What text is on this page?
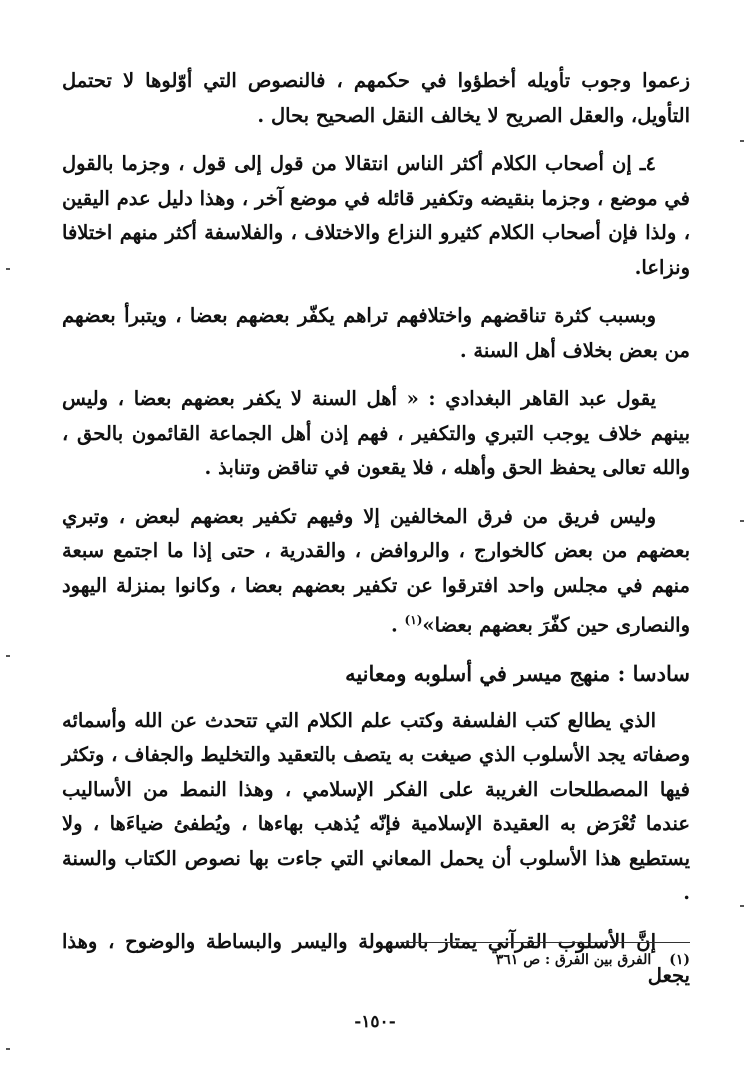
زعموا وجوب تأويله أخطؤوا في حكمهم ، فالنصوص التي أوّلوها لا تحتمل التأويل، والعقل الصريح لا يخالف النقل الصحيح بحال .

٤ـ إن أصحاب الكلام أكثر الناس انتقالا من قول إلى قول ، وجزما بالقول في موضع ، وجزما بنقيضه وتكفير قائله في موضع آخر ، وهذا دليل عدم اليقين ، ولذا فإن أصحاب الكلام كثيرو النزاع والاختلاف ، والفلاسفة أكثر منهم اختلافا ونزاعا.

وبسبب كثرة تناقضهم واختلافهم تراهم يكفّر بعضهم بعضا ، ويتبرأ بعضهم من بعض بخلاف أهل السنة .

يقول عبد القاهر البغدادي : « أهل السنة لا يكفر بعضهم بعضا ، وليس بينهم خلاف يوجب التبري والتكفير ، فهم إذن أهل الجماعة القائمون بالحق ، والله تعالى يحفظ الحق وأهله ، فلا يقعون في تناقض وتنابذ .

وليس فريق من فرق المخالفين إلا وفيهم تكفير بعضهم لبعض ، وتبري بعضهم من بعض كالخوارج ، والروافض ، والقدرية ، حتى إذا ما اجتمع سبعة منهم في مجلس واحد افترقوا عن تكفير بعضهم بعضا ، وكانوا بمنزلة اليهود والنصارى حين كفّرَ بعضهم بعضا»$^{(١)}$ .

سادسا : منهج ميسر في أسلوبه ومعانيه

الذي يطالع كتب الفلسفة وكتب علم الكلام التي تتحدث عن الله وأسمائه وصفاته يجد الأسلوب الذي صيغت به يتصف بالتعقيد والتخليط والجفاف ، وتكثر فيها المصطلحات الغريبة على الفكر الإسلامي ، وهذا النمط من الأساليب عندما تُعْرَض به العقيدة الإسلامية فإنّه يُذهب بهاءها ، ويُطفئ ضياءَها ، ولا يستطيع هذا الأسلوب أن يحمل المعاني التي جاءت بها نصوص الكتاب والسنة .

إنَّ الأسلوب القرآني يمتاز بالسهولة واليسر والبساطة والوضوح ، وهذا يجعل

(١)الفرق بين الفرق : ص ٣٦١
-١٥٠-
